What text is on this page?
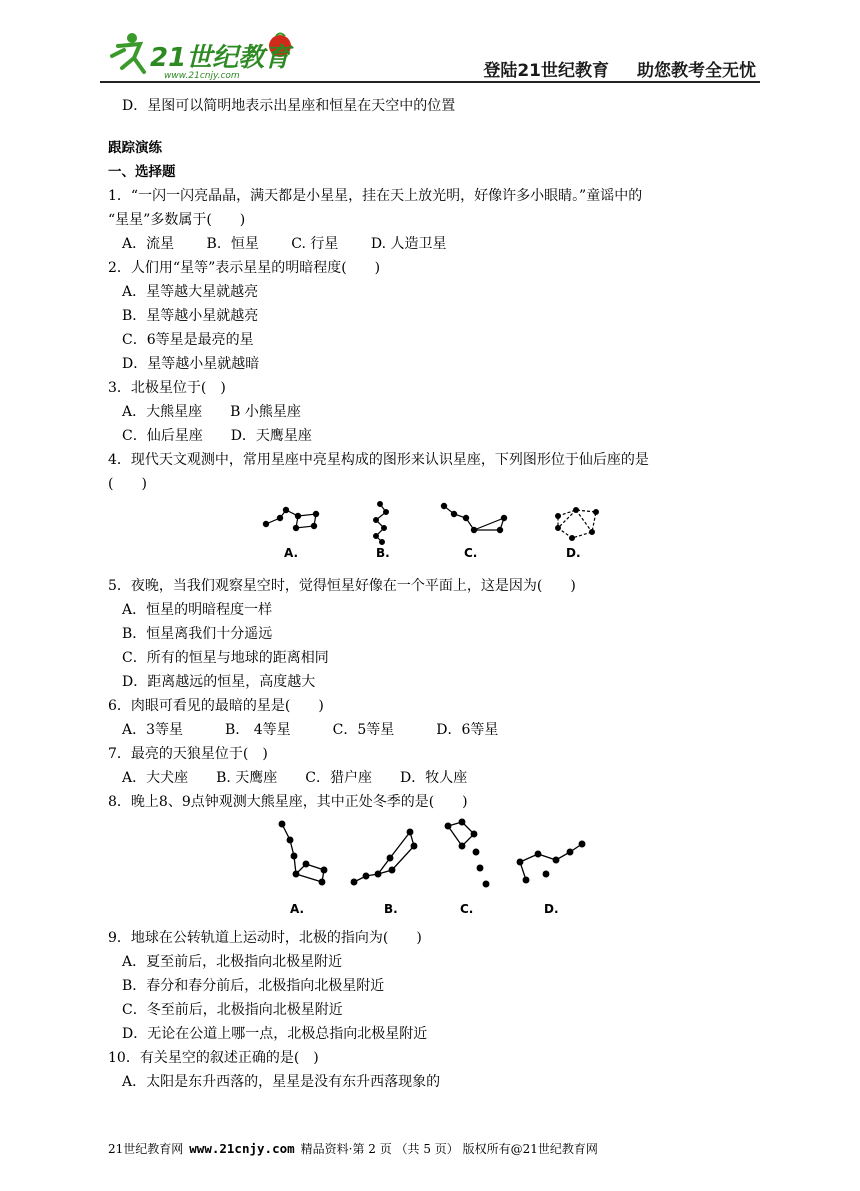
21世纪教育
www.21cnjy.com	登陆21世纪教育 助您教考全无忧
D．星图可以简明地表示出星座和恒星在天空中的位置
跟踪演练
一、选择题
1．“一闪一闪亮晶晶，满天都是小星星，挂在天上放光明，好像许多小眼睛。”童谣中的
“星星”多数属于(　　)
A．流星　　 B．恒星　　 C. 行星　　 D. 人造卫星
2．人们用“星等”表示星星的明暗程度(　　)
A．星等越大星就越亮
B．星等越小星就越亮
C．6等星是最亮的星
D．星等越小星就越暗
3．北极星位于(　)
A．大熊星座　　B 小熊星座
C．仙后星座　　D．天鹰星座
4．现代天文观测中，常用星座中亮星构成的图形来认识星座，下列图形位于仙后座的是
(　　)
A.	B.	C.	D.
5．夜晚，当我们观察星空时，觉得恒星好像在一个平面上，这是因为(　　)
A．恒星的明暗程度一样
B．恒星离我们十分遥远
C．所有的恒星与地球的距离相同
D．距离越远的恒星，高度越大
6．肉眼可看见的最暗的星是(　　)
A．3等星　　　B.　4等星　　　C．5等星　　　D．6等星
7．最亮的天狼星位于(　)
A．大犬座　　B. 天鹰座　　C．猎户座　　D．牧人座
8．晚上8、9点钟观测大熊星座，其中正处冬季的是(　　)
A.	B.	C.	D.
9．地球在公转轨道上运动时，北极的指向为(　　)
A．夏至前后，北极指向北极星附近
B．春分和春分前后，北极指向北极星附近
C．冬至前后，北极指向北极星附近
D．无论在公道上哪一点，北极总指向北极星附近
10．有关星空的叙述正确的是(　)
A．太阳是东升西落的，星星是没有东升西落现象的
21世纪教育网 www.21cnjy.com 精品资料·第 2 页 （共 5 页） 版权所有@21世纪教育网
